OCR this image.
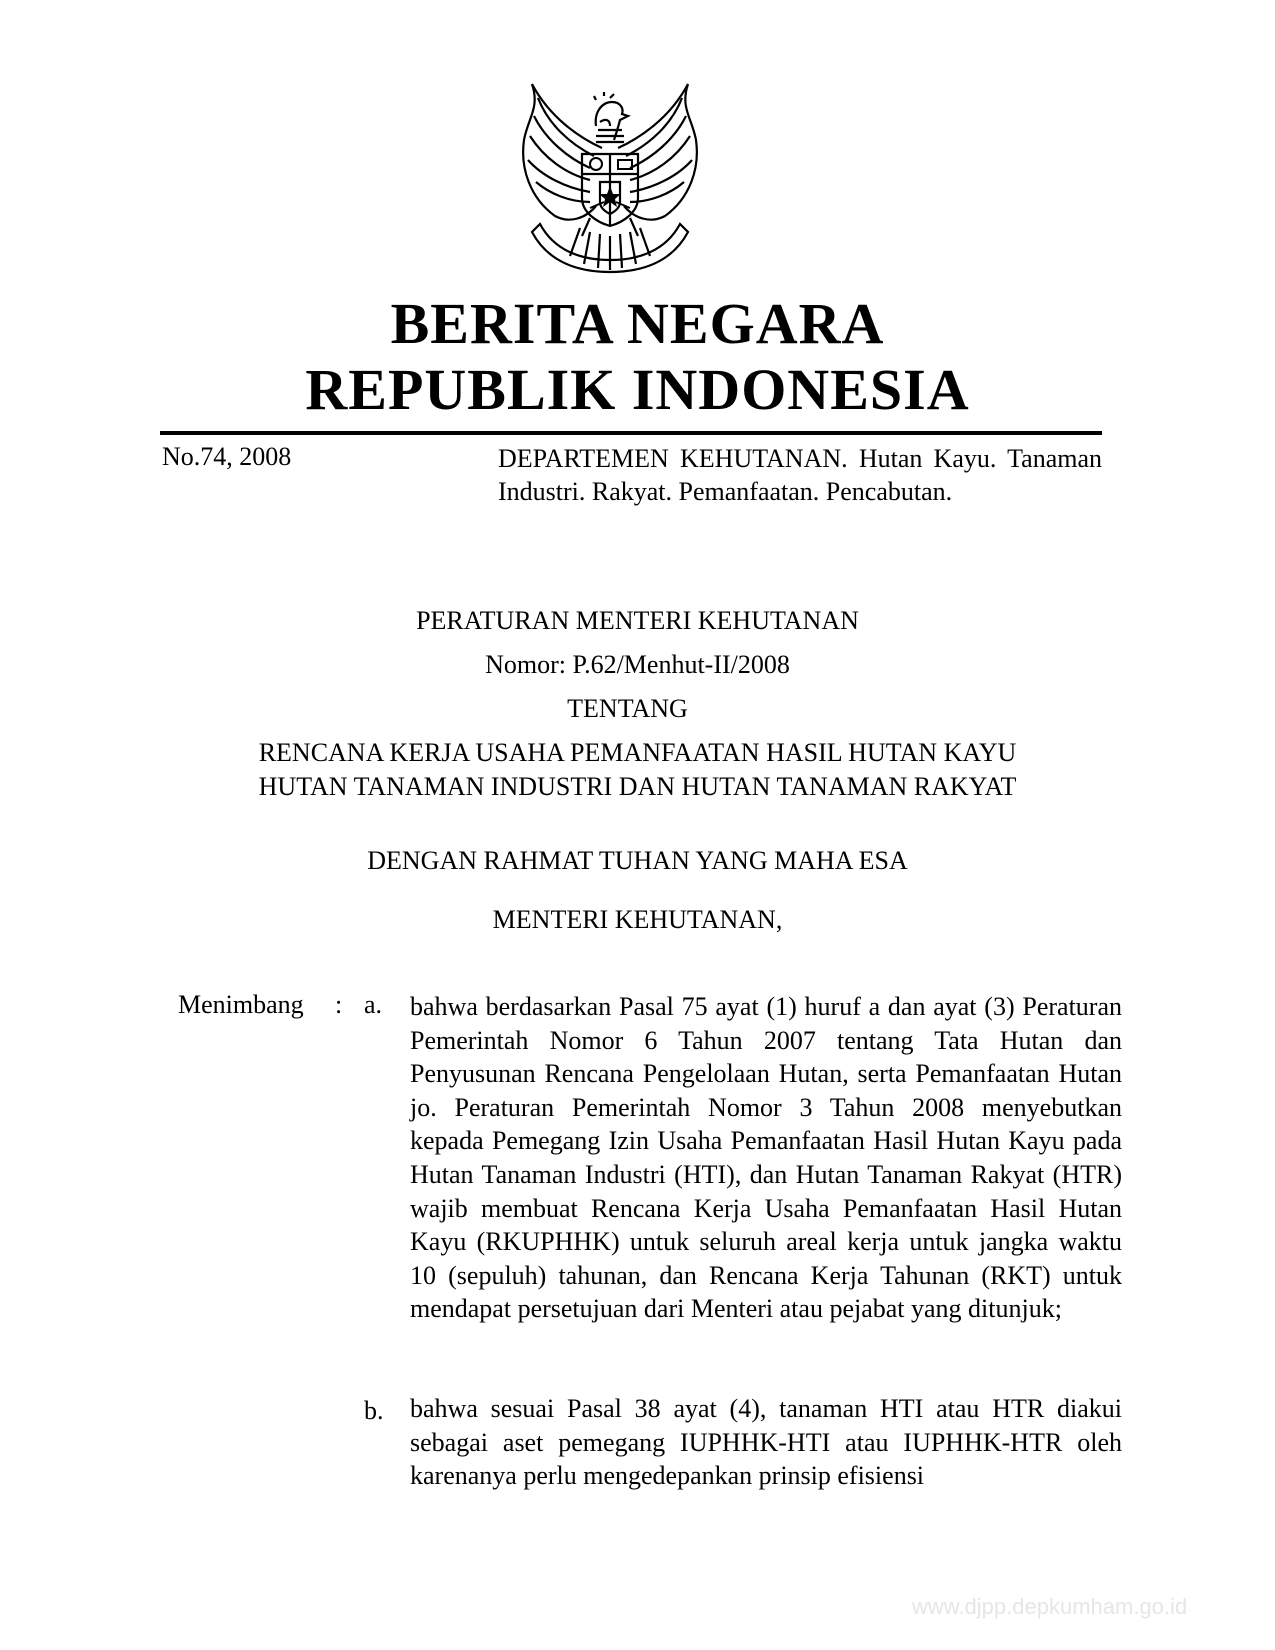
BERITA NEGARA
REPUBLIK INDONESIA
No.74, 2008	DEPARTEMEN KEHUTANAN. Hutan Kayu. Tanaman Industri. Rakyat. Pemanfaatan. Pencabutan.
PERATURAN MENTERI KEHUTANAN
Nomor: P.62/Menhut-II/2008
TENTANG
RENCANA KERJA USAHA PEMANFAATAN HASIL HUTAN KAYU
HUTAN TANAMAN INDUSTRI DAN HUTAN TANAMAN RAKYAT
DENGAN RAHMAT TUHAN YANG MAHA ESA
MENTERI KEHUTANAN,
Menimbang : a. bahwa berdasarkan Pasal 75 ayat (1) huruf a dan ayat (3) Peraturan Pemerintah Nomor 6 Tahun 2007 tentang Tata Hutan dan Penyusunan Rencana Pengelolaan Hutan, serta Pemanfaatan Hutan jo. Peraturan Pemerintah Nomor 3 Tahun 2008 menyebutkan kepada Pemegang Izin Usaha Pemanfaatan Hasil Hutan Kayu pada Hutan Tanaman Industri (HTI), dan Hutan Tanaman Rakyat (HTR) wajib membuat Rencana Kerja Usaha Pemanfaatan Hasil Hutan Kayu (RKUPHHK) untuk seluruh areal kerja untuk jangka waktu 10 (sepuluh) tahunan, dan Rencana Kerja Tahunan (RKT) untuk mendapat persetujuan dari Menteri atau pejabat yang ditunjuk;
b. bahwa sesuai Pasal 38 ayat (4), tanaman HTI atau HTR diakui sebagai aset pemegang IUPHHK-HTI atau IUPHHK-HTR oleh karenanya perlu mengedepankan prinsip efisiensi
www.djpp.depkumham.go.id
